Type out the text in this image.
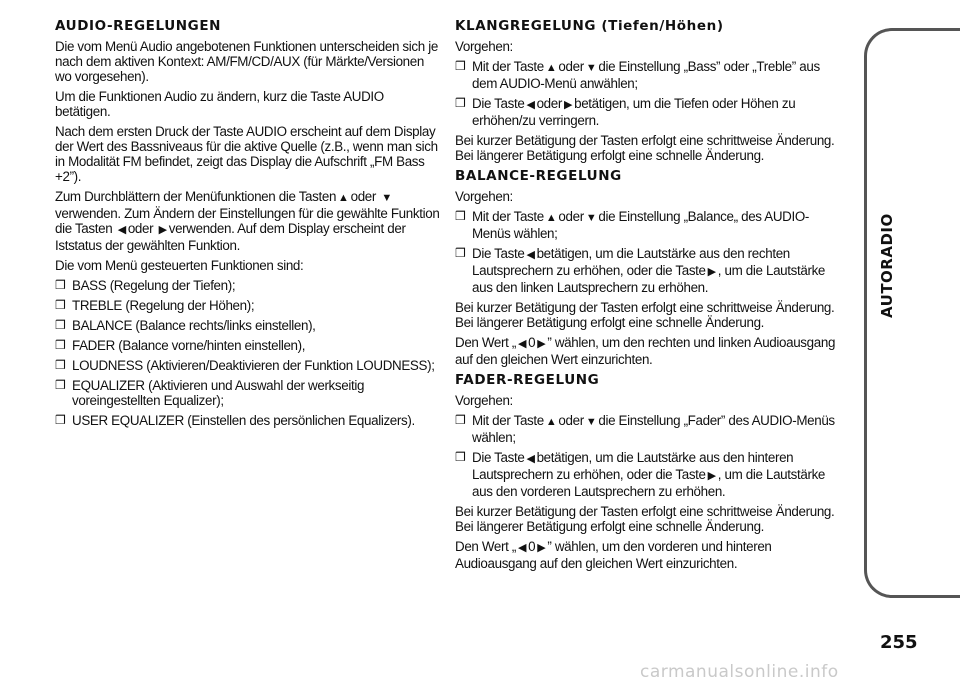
AUDIO-REGELUNGEN

Die vom Menü Audio angebotenen Funktionen unterscheiden sich je nach dem aktiven Kontext: AM/FM/CD/AUX (für Märkte/Versionen wo vorgesehen).

Um die Funktionen Audio zu ändern, kurz die Taste AUDIO betätigen.

Nach dem ersten Druck der Taste AUDIO erscheint auf dem Display der Wert des Bassniveaus für die aktive Quelle (z.B., wenn man sich in Modalität FM befindet, zeigt das Display die Aufschrift „FM Bass +2”).

Zum Durchblättern der Menüfunktionen die Tasten ▲ oder ▼verwenden. Zum Ändern der Einstellungen für die gewählte Funktion die Tasten ◀ oder ▶ verwenden. Auf dem Display erscheint der Iststatus der gewählten Funktion.

Die vom Menü gesteuerten Funktionen sind:

❒ BASS (Regelung der Tiefen);
❒ TREBLE (Regelung der Höhen);
❒ BALANCE (Balance rechts/links einstellen),
❒ FADER (Balance vorne/hinten einstellen),
❒ LOUDNESS (Aktivieren/Deaktivieren der Funktion LOUDNESS);
❒ EQUALIZER (Aktivieren und Auswahl der werkseitig voreingestellten Equalizer);
❒ USER EQUALIZER (Einstellen des persönlichen Equalizers).
KLANGREGELUNG (Tiefen/Höhen)

Vorgehen:

❒ Mit der Taste ▲ oder ▼ die Einstellung „Bass” oder „Treble” aus dem AUDIO-Menü anwählen;
❒ Die Taste ◀ oder ▶ betätigen, um die Tiefen oder Höhen zu erhöhen/zu verringern.

Bei kurzer Betätigung der Tasten erfolgt eine schrittweise Änderung. Bei längerer Betätigung erfolgt eine schnelle Änderung.

BALANCE-REGELUNG

Vorgehen:

❒ Mit der Taste ▲ oder ▼ die Einstellung „Balance„ des AUDIO-Menüs wählen;
❒ Die Taste ◀ betätigen, um die Lautstärke aus den rechten Lautsprechern zu erhöhen, oder die Taste ▶ , um die Lautstärke aus den linken Lautsprechern zu erhöhen.

Bei kurzer Betätigung der Tasten erfolgt eine schrittweise Änderung. Bei längerer Betätigung erfolgt eine schnelle Änderung.

Den Wert „ ◀ 0 ▶ ” wählen, um den rechten und linken Audioausgang auf den gleichen Wert einzurichten.

FADER-REGELUNG

Vorgehen:

❒ Mit der Taste ▲ oder ▼ die Einstellung „Fader” des AUDIO-Menüs wählen;
❒ Die Taste ◀ betätigen, um die Lautstärke aus den hinteren Lautsprechern zu erhöhen, oder die Taste ▶ , um die Lautstärke aus den vorderen Lautsprechern zu erhöhen.

Bei kurzer Betätigung der Tasten erfolgt eine schrittweise Änderung. Bei längerer Betätigung erfolgt eine schnelle Änderung.

Den Wert „ ◀ 0 ▶ ” wählen, um den vorderen und hinteren Audioausgang auf den gleichen Wert einzurichten.

AUTORADIO
255
carmanualsonline.info
